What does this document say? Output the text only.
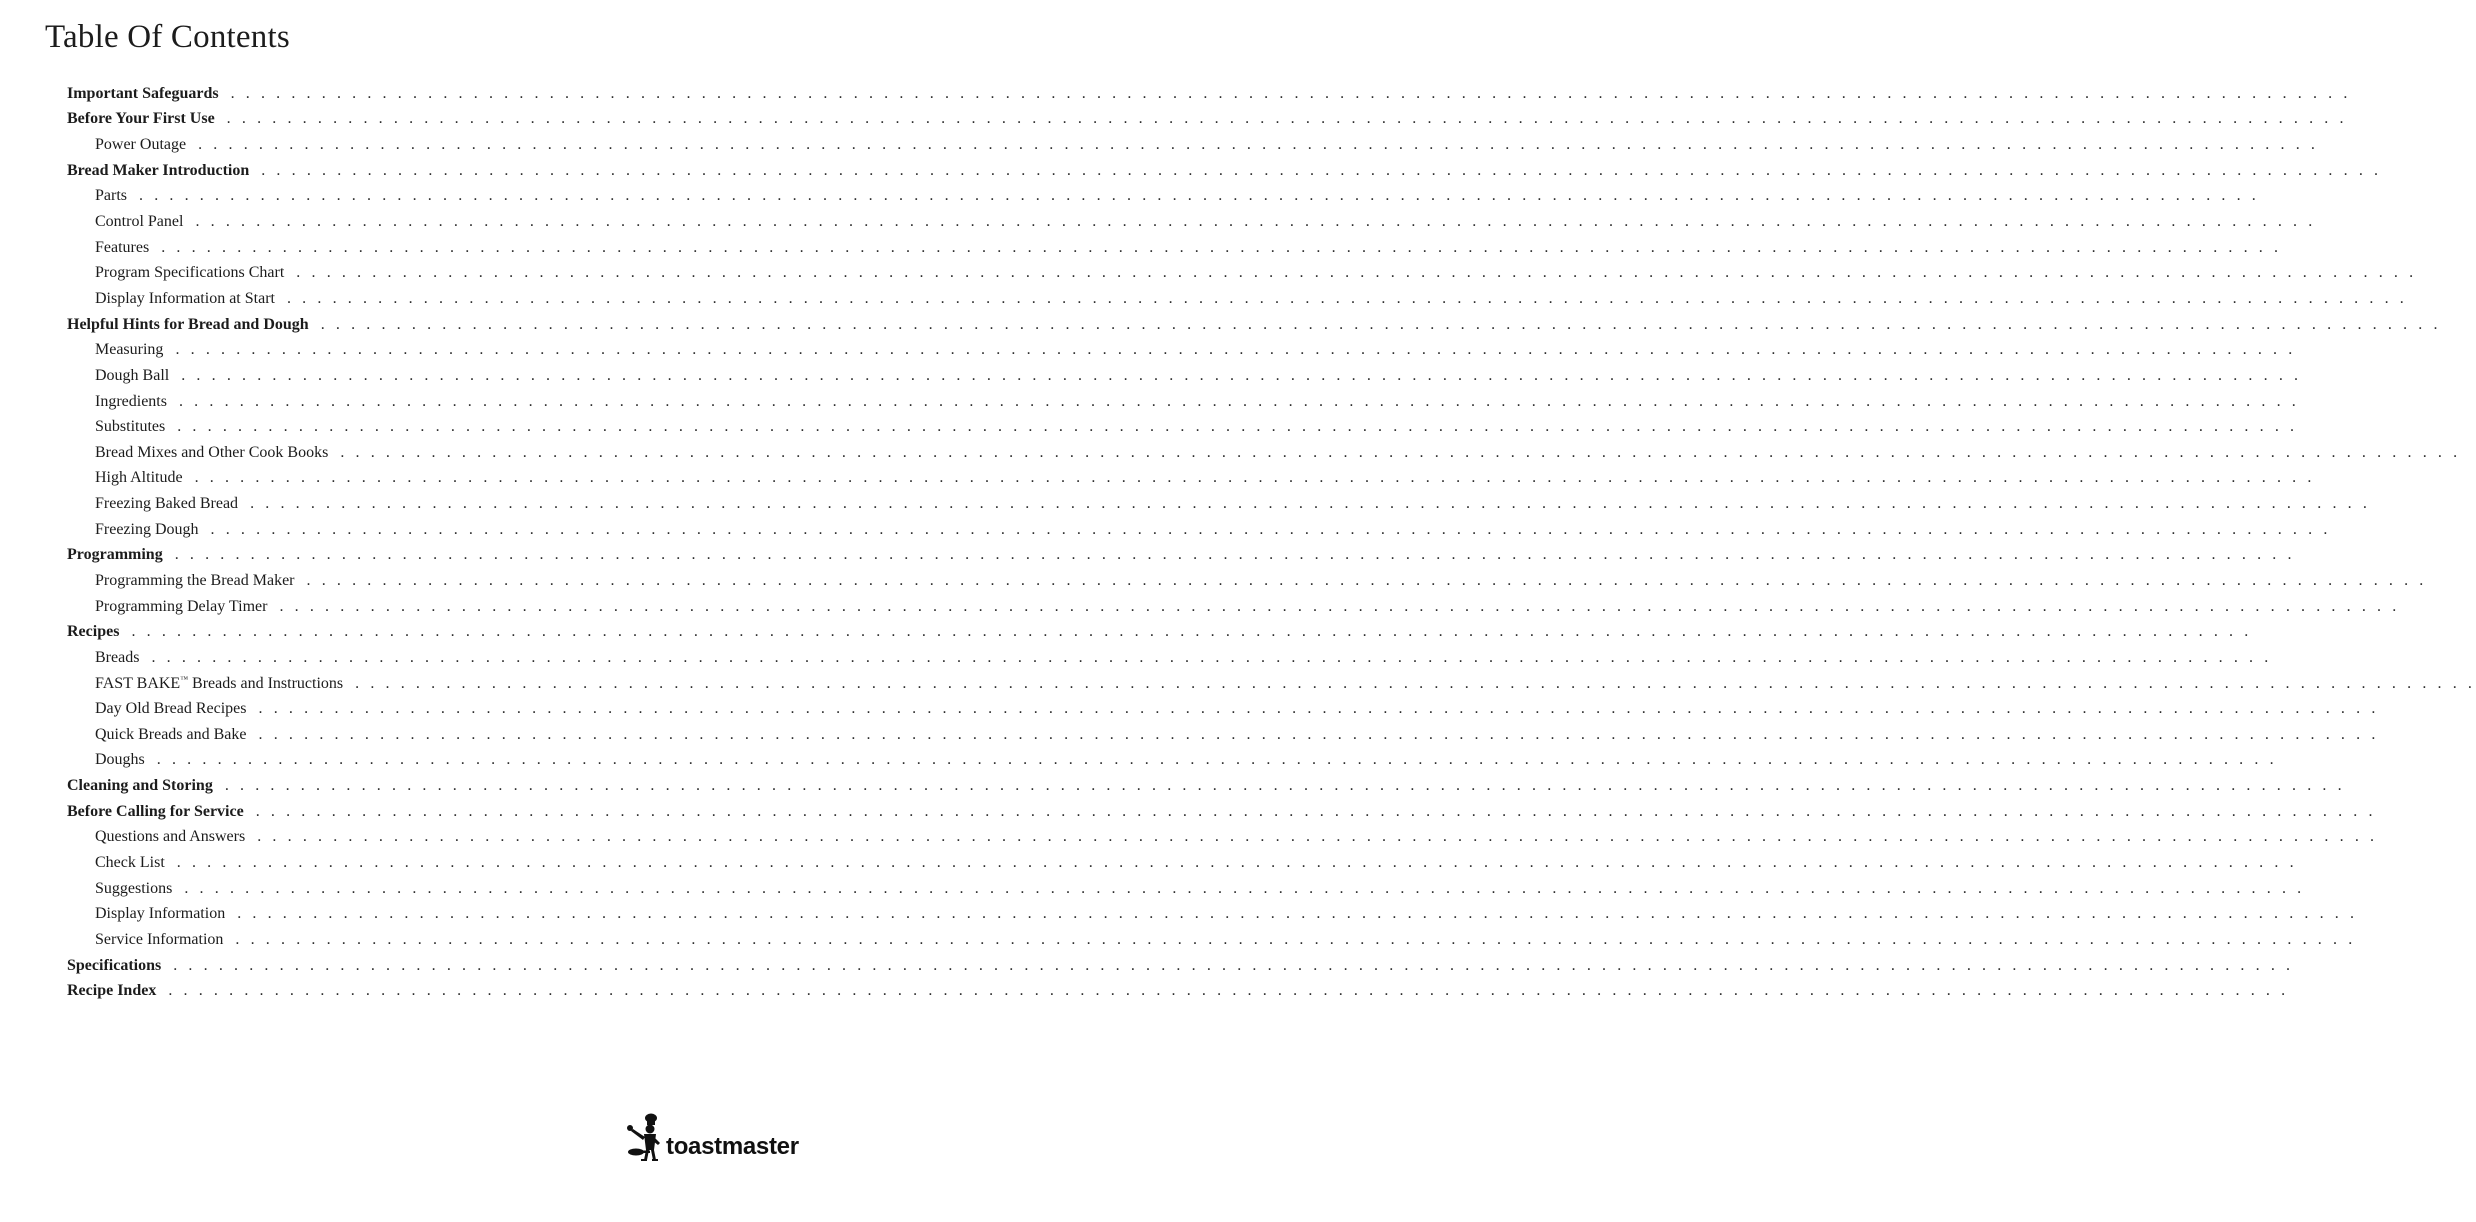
Table Of Contents
Important Safeguards . . . . . . . . . . . . . . . . . . . . . . . . . . . . . . . . . . . . . . . . . . . . . . . . . . . . . . . . . . . . . . . . . . . . . . . . . . . . . . . . . . . . . . . . . . . . . . . . . . . . . . . . . . . . . . . . . . . . . . . . . . . . . . . . . . . . . . . . . . . .
Before Your First Use . . . . . . . . . . . . . . . . . . . . . . . . . . . . . . . . . . . . . . . . . . . . . . . . . . . . . . . . . . . . . . . . . . . . . . . . . . . . . . . . . . . . . . . . . . . . . . . . . . . . . . . . . . . . . . . . . . . . . . . . . . . . . . . . . . . . . . . . . . . .
Power Outage . . . . . . . . . . . . . . . . . . . . . . . . . . . . . . . . . . . . . . . . . . . . . . . . . . . . . . . . . . . . . . . . . . . . . . . . . . . . . . . . . . . . . . . . . . . . . . . . . . . . . . . . . . . . . . . . . . . . . . . . . . . . . . . . . . . . . . . . . . . .
Bread Maker Introduction . . . . . . . . . . . . . . . . . . . . . . . . . . . . . . . . . . . . . . . . . . . . . . . . . . . . . . . . . . . . . . . . . . . . . . . . . . . . . . . . . . . . . . . . . . . . . . . . . . . . . . . . . . . . . . . . . . . . . . . . . . . . . . . . . . . . . . . . . . . .
Parts . . . . . . . . . . . . . . . . . . . . . . . . . . . . . . . . . . . . . . . . . . . . . . . . . . . . . . . . . . . . . . . . . . . . . . . . . . . . . . . . . . . . . . . . . . . . . . . . . . . . . . . . . . . . . . . . . . . . . . . . . . . . . . . . . . . . . . . . . . . .
Control Panel . . . . . . . . . . . . . . . . . . . . . . . . . . . . . . . . . . . . . . . . . . . . . . . . . . . . . . . . . . . . . . . . . . . . . . . . . . . . . . . . . . . . . . . . . . . . . . . . . . . . . . . . . . . . . . . . . . . . . . . . . . . . . . . . . . . . . . . . . . . .
Features . . . . . . . . . . . . . . . . . . . . . . . . . . . . . . . . . . . . . . . . . . . . . . . . . . . . . . . . . . . . . . . . . . . . . . . . . . . . . . . . . . . . . . . . . . . . . . . . . . . . . . . . . . . . . . . . . . . . . . . . . . . . . . . . . . . . . . . . . . . .
Program Specifications Chart . . . . . . . . . . . . . . . . . . . . . . . . . . . . . . . . . . . . . . . . . . . . . . . . . . . . . . . . . . . . . . . . . . . . . . . . . . . . . . . . . . . . . . . . . . . . . . . . . . . . . . . . . . . . . . . . . . . . . . . . . . . . . . . . . . . . . . . . . . . .
Display Information at Start . . . . . . . . . . . . . . . . . . . . . . . . . . . . . . . . . . . . . . . . . . . . . . . . . . . . . . . . . . . . . . . . . . . . . . . . . . . . . . . . . . . . . . . . . . . . . . . . . . . . . . . . . . . . . . . . . . . . . . . . . . . . . . . . . . . . . . . . . . . .
Helpful Hints for Bread and Dough . . . . . . . . . . . . . . . . . . . . . . . . . . . . . . . . . . . . . . . . . . . . . . . . . . . . . . . . . . . . . . . . . . . . . . . . . . . . . . . . . . . . . . . . . . . . . . . . . . . . . . . . . . . . . . . . . . . . . . . . . . . . . . . . . . . . . . . . . . . .
Measuring . . . . . . . . . . . . . . . . . . . . . . . . . . . . . . . . . . . . . . . . . . . . . . . . . . . . . . . . . . . . . . . . . . . . . . . . . . . . . . . . . . . . . . . . . . . . . . . . . . . . . . . . . . . . . . . . . . . . . . . . . . . . . . . . . . . . . . . . . . . .
Dough Ball . . . . . . . . . . . . . . . . . . . . . . . . . . . . . . . . . . . . . . . . . . . . . . . . . . . . . . . . . . . . . . . . . . . . . . . . . . . . . . . . . . . . . . . . . . . . . . . . . . . . . . . . . . . . . . . . . . . . . . . . . . . . . . . . . . . . . . . . . . . .
Ingredients . . . . . . . . . . . . . . . . . . . . . . . . . . . . . . . . . . . . . . . . . . . . . . . . . . . . . . . . . . . . . . . . . . . . . . . . . . . . . . . . . . . . . . . . . . . . . . . . . . . . . . . . . . . . . . . . . . . . . . . . . . . . . . . . . . . . . . . . . . . .
Substitutes . . . . . . . . . . . . . . . . . . . . . . . . . . . . . . . . . . . . . . . . . . . . . . . . . . . . . . . . . . . . . . . . . . . . . . . . . . . . . . . . . . . . . . . . . . . . . . . . . . . . . . . . . . . . . . . . . . . . . . . . . . . . . . . . . . . . . . . . . . . .
Bread Mixes and Other Cook Books . . . . . . . . . . . . . . . . . . . . . . . . . . . . . . . . . . . . . . . . . . . . . . . . . . . . . . . . . . . . . . . . . . . . . . . . . . . . . . . . . . . . . . . . . . . . . . . . . . . . . . . . . . . . . . . . . . . . . . . . . . . . . . . . . . . . . . . . . . . .
High Altitude . . . . . . . . . . . . . . . . . . . . . . . . . . . . . . . . . . . . . . . . . . . . . . . . . . . . . . . . . . . . . . . . . . . . . . . . . . . . . . . . . . . . . . . . . . . . . . . . . . . . . . . . . . . . . . . . . . . . . . . . . . . . . . . . . . . . . . . . . . . .
Freezing Baked Bread . . . . . . . . . . . . . . . . . . . . . . . . . . . . . . . . . . . . . . . . . . . . . . . . . . . . . . . . . . . . . . . . . . . . . . . . . . . . . . . . . . . . . . . . . . . . . . . . . . . . . . . . . . . . . . . . . . . . . . . . . . . . . . . . . . . . . . . . . . . .
Freezing Dough . . . . . . . . . . . . . . . . . . . . . . . . . . . . . . . . . . . . . . . . . . . . . . . . . . . . . . . . . . . . . . . . . . . . . . . . . . . . . . . . . . . . . . . . . . . . . . . . . . . . . . . . . . . . . . . . . . . . . . . . . . . . . . . . . . . . . . . . . . . .
Programming . . . . . . . . . . . . . . . . . . . . . . . . . . . . . . . . . . . . . . . . . . . . . . . . . . . . . . . . . . . . . . . . . . . . . . . . . . . . . . . . . . . . . . . . . . . . . . . . . . . . . . . . . . . . . . . . . . . . . . . . . . . . . . . . . . . . . . . . . . . .
Programming the Bread Maker . . . . . . . . . . . . . . . . . . . . . . . . . . . . . . . . . . . . . . . . . . . . . . . . . . . . . . . . . . . . . . . . . . . . . . . . . . . . . . . . . . . . . . . . . . . . . . . . . . . . . . . . . . . . . . . . . . . . . . . . . . . . . . . . . . . . . . . . . . . .
Programming Delay Timer . . . . . . . . . . . . . . . . . . . . . . . . . . . . . . . . . . . . . . . . . . . . . . . . . . . . . . . . . . . . . . . . . . . . . . . . . . . . . . . . . . . . . . . . . . . . . . . . . . . . . . . . . . . . . . . . . . . . . . . . . . . . . . . . . . . . . . . . . . . .
Recipes . . . . . . . . . . . . . . . . . . . . . . . . . . . . . . . . . . . . . . . . . . . . . . . . . . . . . . . . . . . . . . . . . . . . . . . . . . . . . . . . . . . . . . . . . . . . . . . . . . . . . . . . . . . . . . . . . . . . . . . . . . . . . . . . . . . . . . . . . . . .
Breads . . . . . . . . . . . . . . . . . . . . . . . . . . . . . . . . . . . . . . . . . . . . . . . . . . . . . . . . . . . . . . . . . . . . . . . . . . . . . . . . . . . . . . . . . . . . . . . . . . . . . . . . . . . . . . . . . . . . . . . . . . . . . . . . . . . . . . . . . . . .
FAST BAKE™ Breads and Instructions . . . . . . . . . . . . . . . . . . . . . . . . . . . . . . . . . . . . . . . . . . . . . . . . . . . . . . . . . . . . . . . . . . . . . . . . . . . . . . . . . . . . . . . . . . . . . . . . . . . . . . . . . . . . . . . . . . . . . . . . . . . . . . . . . . . . . . . . . . . .
Day Old Bread Recipes . . . . . . . . . . . . . . . . . . . . . . . . . . . . . . . . . . . . . . . . . . . . . . . . . . . . . . . . . . . . . . . . . . . . . . . . . . . . . . . . . . . . . . . . . . . . . . . . . . . . . . . . . . . . . . . . . . . . . . . . . . . . . . . . . . . . . . . . . . . .
Quick Breads and Bake . . . . . . . . . . . . . . . . . . . . . . . . . . . . . . . . . . . . . . . . . . . . . . . . . . . . . . . . . . . . . . . . . . . . . . . . . . . . . . . . . . . . . . . . . . . . . . . . . . . . . . . . . . . . . . . . . . . . . . . . . . . . . . . . . . . . . . . . . . . .
Doughs . . . . . . . . . . . . . . . . . . . . . . . . . . . . . . . . . . . . . . . . . . . . . . . . . . . . . . . . . . . . . . . . . . . . . . . . . . . . . . . . . . . . . . . . . . . . . . . . . . . . . . . . . . . . . . . . . . . . . . . . . . . . . . . . . . . . . . . . . . . .
Cleaning and Storing . . . . . . . . . . . . . . . . . . . . . . . . . . . . . . . . . . . . . . . . . . . . . . . . . . . . . . . . . . . . . . . . . . . . . . . . . . . . . . . . . . . . . . . . . . . . . . . . . . . . . . . . . . . . . . . . . . . . . . . . . . . . . . . . . . . . . . . . . . . .
Before Calling for Service . . . . . . . . . . . . . . . . . . . . . . . . . . . . . . . . . . . . . . . . . . . . . . . . . . . . . . . . . . . . . . . . . . . . . . . . . . . . . . . . . . . . . . . . . . . . . . . . . . . . . . . . . . . . . . . . . . . . . . . . . . . . . . . . . . . . . . . . . . . .
Questions and Answers . . . . . . . . . . . . . . . . . . . . . . . . . . . . . . . . . . . . . . . . . . . . . . . . . . . . . . . . . . . . . . . . . . . . . . . . . . . . . . . . . . . . . . . . . . . . . . . . . . . . . . . . . . . . . . . . . . . . . . . . . . . . . . . . . . . . . . . . . . . .
Check List . . . . . . . . . . . . . . . . . . . . . . . . . . . . . . . . . . . . . . . . . . . . . . . . . . . . . . . . . . . . . . . . . . . . . . . . . . . . . . . . . . . . . . . . . . . . . . . . . . . . . . . . . . . . . . . . . . . . . . . . . . . . . . . . . . . . . . . . . . . .
Suggestions . . . . . . . . . . . . . . . . . . . . . . . . . . . . . . . . . . . . . . . . . . . . . . . . . . . . . . . . . . . . . . . . . . . . . . . . . . . . . . . . . . . . . . . . . . . . . . . . . . . . . . . . . . . . . . . . . . . . . . . . . . . . . . . . . . . . . . . . . . . .
Display Information . . . . . . . . . . . . . . . . . . . . . . . . . . . . . . . . . . . . . . . . . . . . . . . . . . . . . . . . . . . . . . . . . . . . . . . . . . . . . . . . . . . . . . . . . . . . . . . . . . . . . . . . . . . . . . . . . . . . . . . . . . . . . . . . . . . . . . . . . . . .
Service Information . . . . . . . . . . . . . . . . . . . . . . . . . . . . . . . . . . . . . . . . . . . . . . . . . . . . . . . . . . . . . . . . . . . . . . . . . . . . . . . . . . . . . . . . . . . . . . . . . . . . . . . . . . . . . . . . . . . . . . . . . . . . . . . . . . . . . . . . . . . .
Specifications . . . . . . . . . . . . . . . . . . . . . . . . . . . . . . . . . . . . . . . . . . . . . . . . . . . . . . . . . . . . . . . . . . . . . . . . . . . . . . . . . . . . . . . . . . . . . . . . . . . . . . . . . . . . . . . . . . . . . . . . . . . . . . . . . . . . . . . . . . . .
Recipe Index . . . . . . . . . . . . . . . . . . . . . . . . . . . . . . . . . . . . . . . . . . . . . . . . . . . . . . . . . . . . . . . . . . . . . . . . . . . . . . . . . . . . . . . . . . . . . . . . . . . . . . . . . . . . . . . . . . . . . . . . . . . . . . . . . . . . . . . . . . . .
toastmaster
